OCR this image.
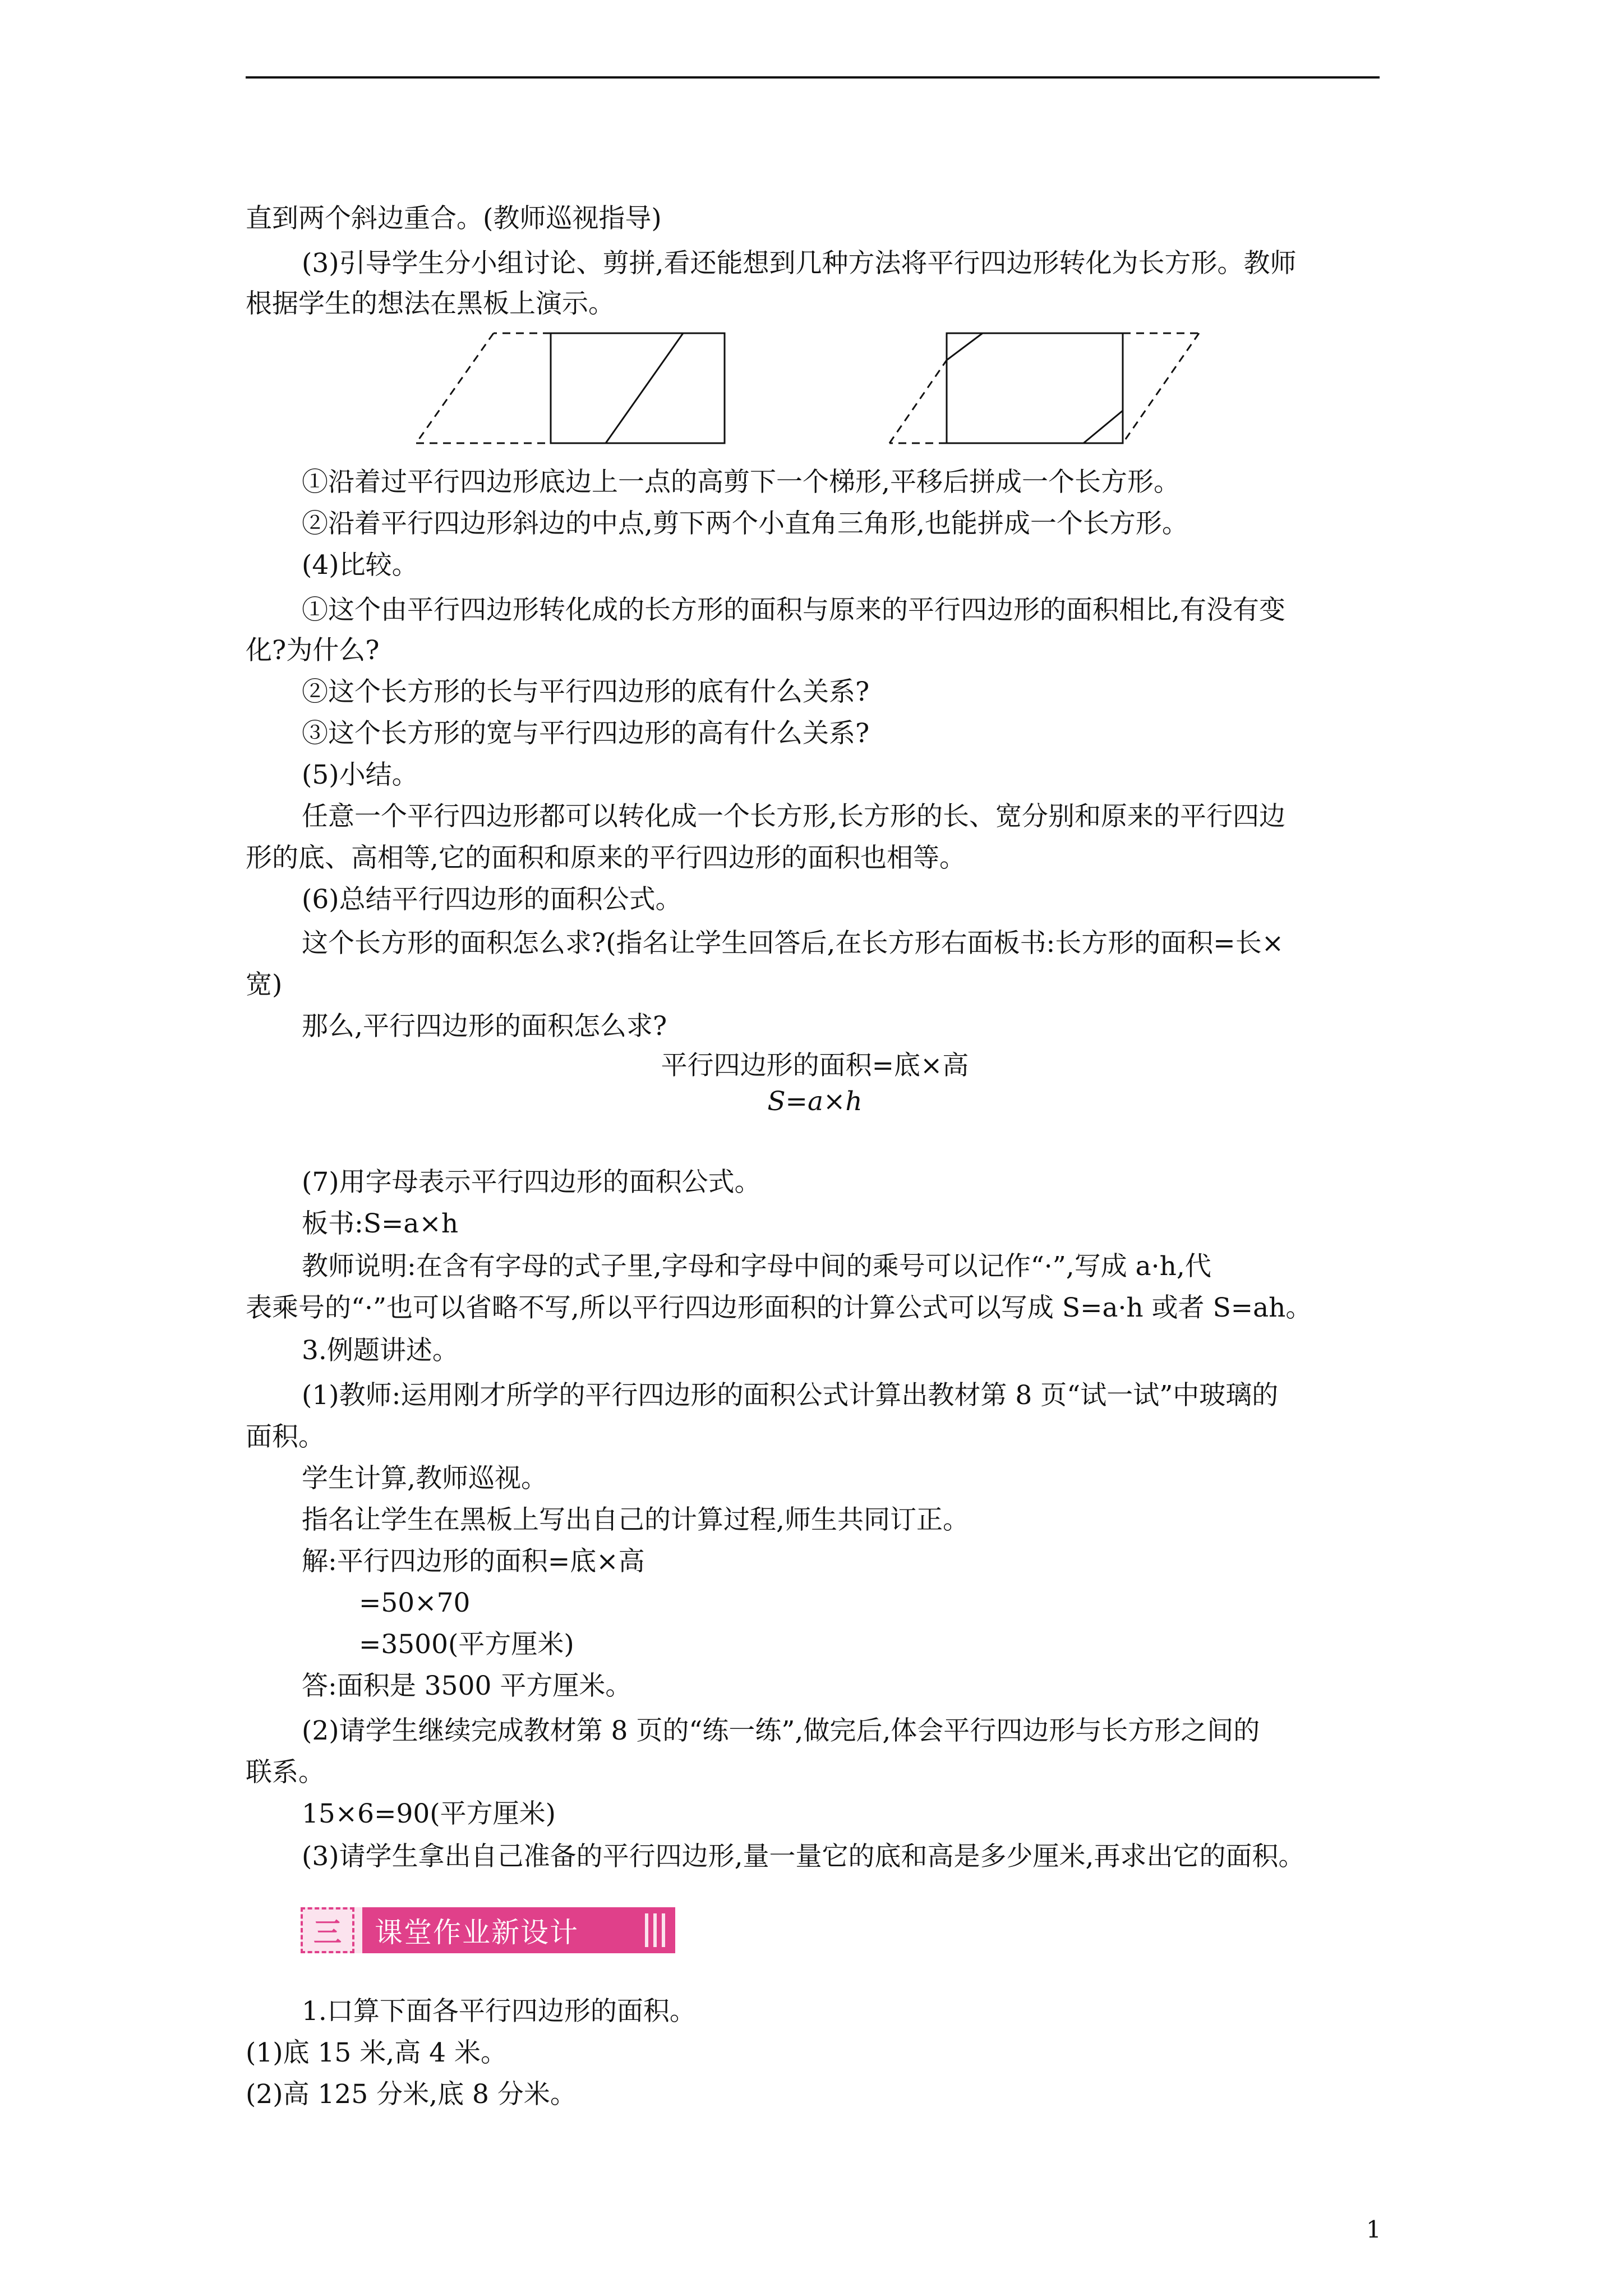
直到两个斜边重合。(教师巡视指导)
(3)引导学生分小组讨论、剪拼,看还能想到几种方法将平行四边形转化为长方形。教师
根据学生的想法在黑板上演示。
①沿着过平行四边形底边上一点的高剪下一个梯形,平移后拼成一个长方形。
②沿着平行四边形斜边的中点,剪下两个小直角三角形,也能拼成一个长方形。
(4)比较。
①这个由平行四边形转化成的长方形的面积与原来的平行四边形的面积相比,有没有变
化?为什么?
②这个长方形的长与平行四边形的底有什么关系?
③这个长方形的宽与平行四边形的高有什么关系?
(5)小结。
任意一个平行四边形都可以转化成一个长方形,长方形的长、宽分别和原来的平行四边
形的底、高相等,它的面积和原来的平行四边形的面积也相等。
(6)总结平行四边形的面积公式。
这个长方形的面积怎么求?(指名让学生回答后,在长方形右面板书:长方形的面积=长×
宽)
那么,平行四边形的面积怎么求?
平行四边形的面积=底×高
S=a×h
(7)用字母表示平行四边形的面积公式。
板书:S=a×h
教师说明:在含有字母的式子里,字母和字母中间的乘号可以记作“·”,写成 a·h,代
表乘号的“·”也可以省略不写,所以平行四边形面积的计算公式可以写成 S=a·h 或者 S=ah。
3.例题讲述。
(1)教师:运用刚才所学的平行四边形的面积公式计算出教材第 8 页“试一试”中玻璃的
面积。
学生计算,教师巡视。
指名让学生在黑板上写出自己的计算过程,师生共同订正。
解:平行四边形的面积=底×高
=50×70
=3500(平方厘米)
答:面积是 3500 平方厘米。
(2)请学生继续完成教材第 8 页的“练一练”,做完后,体会平行四边形与长方形之间的
联系。
15×6=90(平方厘米)
(3)请学生拿出自己准备的平行四边形,量一量它的底和高是多少厘米,再求出它的面积。
三	课堂作业新设计
1.口算下面各平行四边形的面积。
(1)底 15 米,高 4 米。
(2)高 125 分米,底 8 分米。
1
